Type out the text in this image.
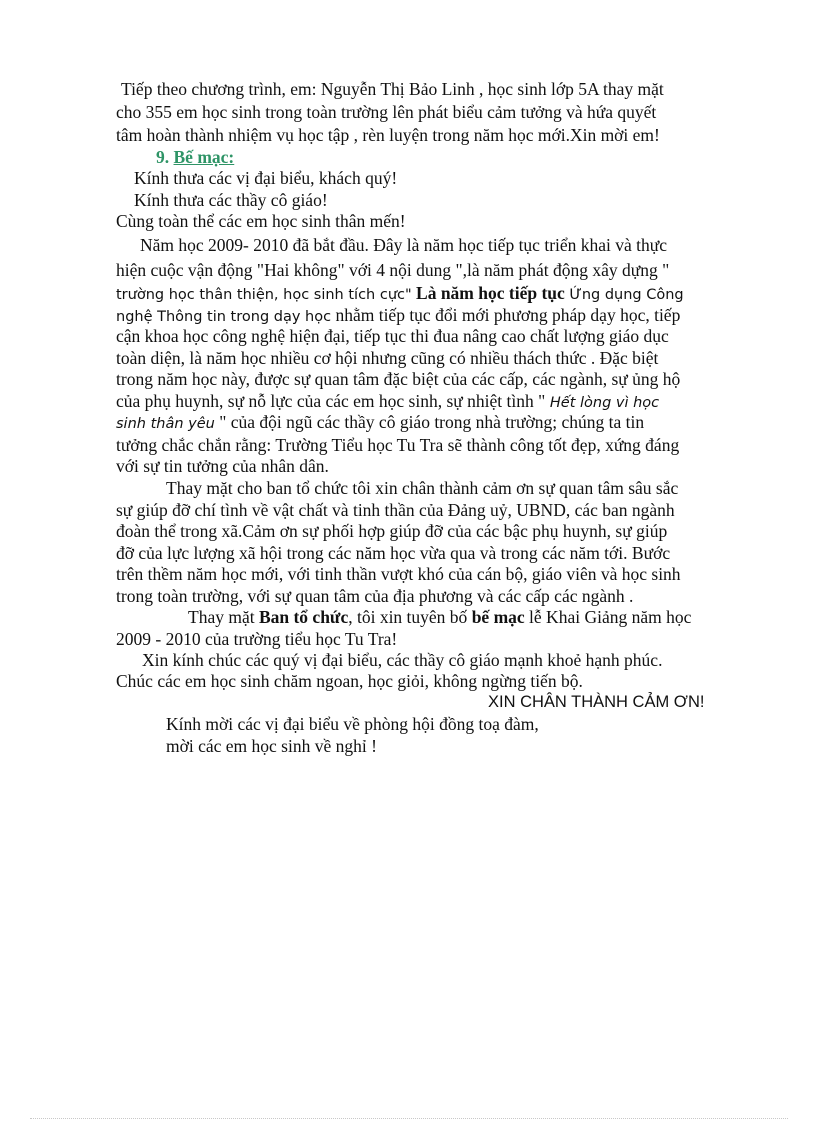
Tiếp theo chương trình, em: Nguyễn Thị Bảo Linh , học sinh lớp 5A thay mặt
cho 355 em học sinh trong toàn trường lên phát biểu cảm tưởng và hứa quyết
tâm hoàn thành nhiệm vụ học tập , rèn luyện trong năm học mới.Xin mời em!
9. Bế mạc:
Kính thưa các vị đại biểu, khách quý!
Kính thưa các thầy cô giáo!
Cùng toàn thể các em học sinh thân mến!
Năm học 2009- 2010 đã bắt đầu. Đây là năm học tiếp tục triển khai và thực
hiện cuộc vận động "Hai không" với 4 nội dung ",là năm phát động xây dựng "
trường học thân thiện, học sinh tích cực" Là năm học tiếp tục Ứng dụng Công
nghệ Thông tin trong dạy học nhằm tiếp tục đổi mới phương pháp dạy học, tiếp
cận khoa học công nghệ hiện đại, tiếp tục thi đua nâng cao chất lượng giáo dục
toàn diện, là năm học nhiều cơ hội nhưng cũng có nhiều thách thức . Đặc biệt
trong năm học này, được sự quan tâm đặc biệt của các cấp, các ngành, sự ủng hộ
của phụ huynh, sự nỗ lực của các em học sinh, sự nhiệt tình " Hết lòng vì học
sinh thân yêu " của đội ngũ các thầy cô giáo trong nhà trường; chúng ta tin
tưởng chắc chắn rằng: Trường Tiểu học Tu Tra sẽ thành công tốt đẹp, xứng đáng
với sự tin tưởng của nhân dân.
Thay mặt cho ban tổ chức tôi xin chân thành cảm ơn sự quan tâm sâu sắc
sự giúp đỡ chí tình về vật chất và tinh thần của Đảng uỷ, UBND, các ban ngành
đoàn thể trong xã.Cảm ơn sự phối hợp giúp đỡ của các bậc phụ huynh, sự giúp
đỡ của lực lượng xã hội trong các năm học vừa qua và trong các năm tới. Bước
trên thềm năm học mới, với tinh thần vượt khó của cán bộ, giáo viên và học sinh
trong toàn trường, với sự quan tâm của địa phương và các cấp các ngành .
Thay mặt Ban tổ chức, tôi xin tuyên bố bế mạc lễ Khai Giảng năm học
2009 - 2010 của trường tiểu học Tu Tra!
Xin kính chúc các quý vị đại biểu, các thầy cô giáo mạnh khoẻ hạnh phúc.
Chúc các em học sinh chăm ngoan, học giỏi, không ngừng tiến bộ.
XIN CHÂN THÀNH CẢM ƠN!
Kính mời các vị đại biểu về phòng hội đồng toạ đàm,
mời các em học sinh về nghỉ !
